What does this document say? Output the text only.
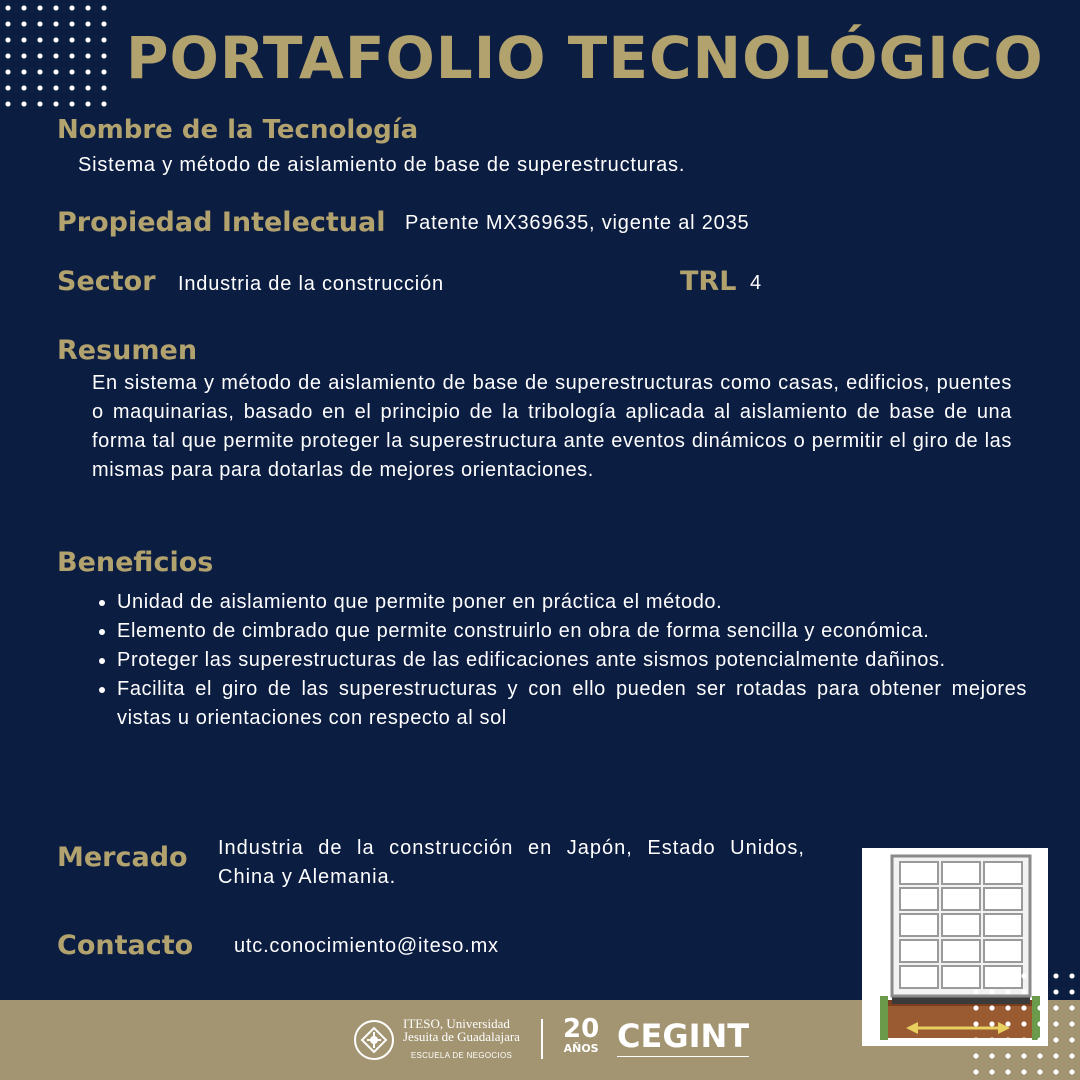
PORTAFOLIO TECNOLÓGICO
Nombre de la Tecnología
Sistema y método de aislamiento de base de superestructuras.
Propiedad Intelectual Patente MX369635, vigente al 2035
Sector Industria de la construcción	TRL 4
Resumen
En sistema y método de aislamiento de base de superestructuras como casas, edificios, puentes o maquinarias, basado en el principio de la tribología aplicada al aislamiento de base de una forma tal que permite proteger la superestructura ante eventos dinámicos o permitir el giro de las mismas para para dotarlas de mejores orientaciones.
Beneficios
• Unidad de aislamiento que permite poner en práctica el método.
• Elemento de cimbrado que permite construirlo en obra de forma sencilla y económica.
• Proteger las superestructuras de las edificaciones ante sismos potencialmente dañinos.
• Facilita el giro de las superestructuras y con ello pueden ser rotadas para obtener mejores vistas u orientaciones con respecto al sol
Mercado Industria de la construcción en Japón, Estado Unidos, China y Alemania.
Contacto utc.conocimiento@iteso.mx
ITESO, Universidad
Jesuita de Guadalajara
ESCUELA DE NEGOCIOS
20
AÑOS CEGINT
